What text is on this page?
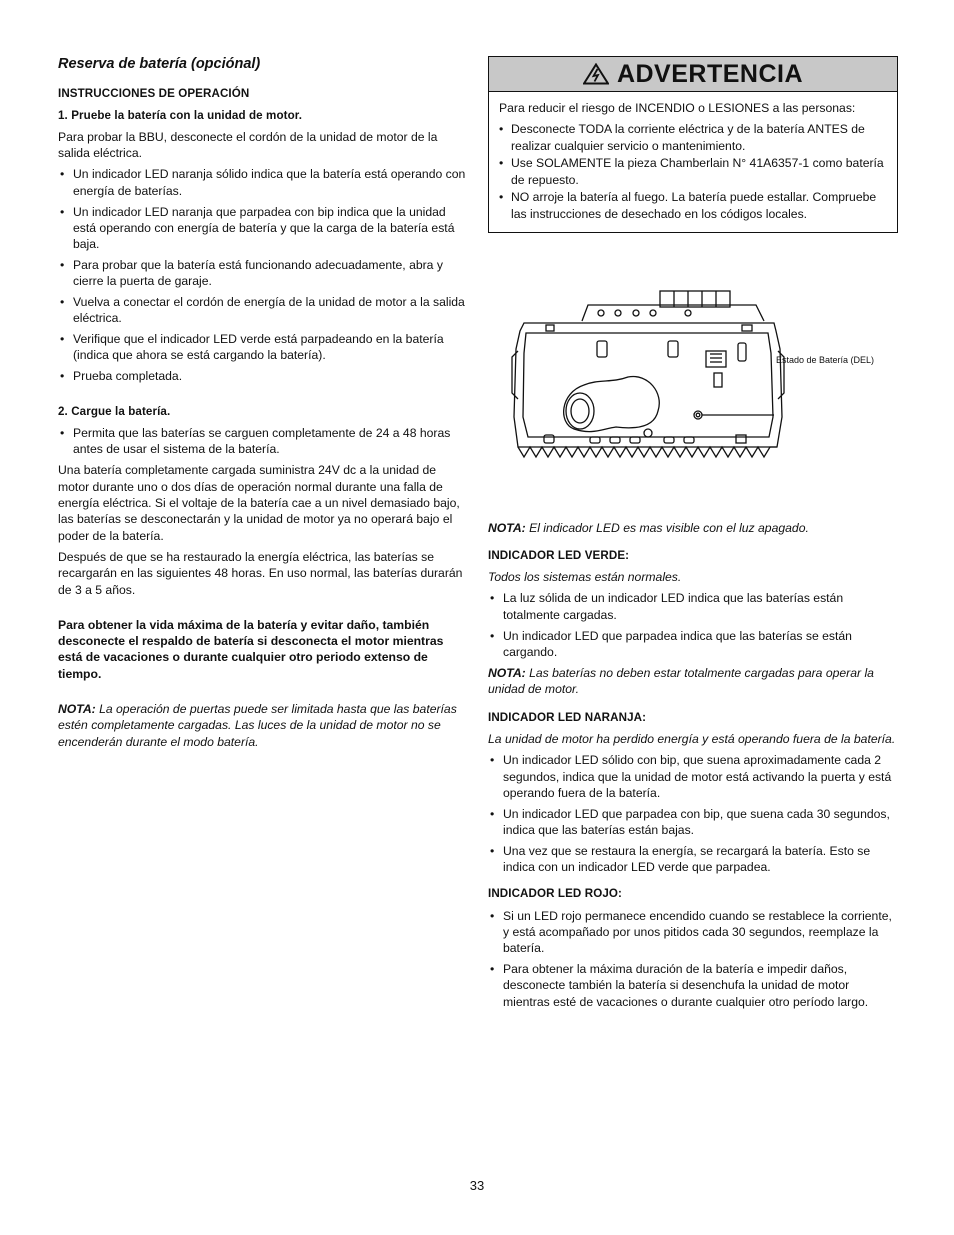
Reserva de batería (opciónal)
INSTRUCCIONES DE OPERACIÓN
1. Pruebe la batería con la unidad de motor.

Para probar la BBU, desconecte el cordón de la unidad de motor de la salida eléctrica.

• Un indicador LED naranja sólido indica que la batería está operando con energía de baterías.
• Un indicador LED naranja que parpadea con bip indica que la unidad está operando con energía de batería y que la carga de la batería está baja.
• Para probar que la batería está funcionando adecuadamente, abra y cierre la puerta de garaje.
• Vuelva a conectar el cordón de energía de la unidad de motor a la salida eléctrica.
• Verifique que el indicador LED verde está parpadeando en la batería (indica que ahora se está cargando la batería).
• Prueba completada.
2. Cargue la batería.
• Permita que las baterías se carguen completamente de 24 a 48 horas antes de usar el sistema de la batería.

Una batería completamente cargada suministra 24V dc a la unidad de motor durante uno o dos días de operación normal durante una falla de energía eléctrica. Si el voltaje de la batería cae a un nivel demasiado bajo, las baterías se desconectarán y la unidad de motor ya no operará bajo el poder de la batería.

Después de que se ha restaurado la energía eléctrica, las baterías se recargarán en las siguientes 48 horas. En uso normal, las baterías durarán de 3 a 5 años.

Para obtener la vida máxima de la batería y evitar daño, también desconecte el respaldo de batería si desconecta el motor mientras está de vacaciones o durante cualquier otro periodo extenso de tiempo.

NOTA: La operación de puertas puede ser limitada hasta que las baterías estén completamente cargadas. Las luces de la unidad de motor no se encenderán durante el modo batería.

ADVERTENCIA

Para reducir el riesgo de INCENDIO o LESIONES a las personas:

• Desconecte TODA la corriente eléctrica y de la batería ANTES de realizar cualquier servicio o mantenimiento.
• Use SOLAMENTE la pieza Chamberlain N° 41A6357-1 como batería de repuesto.
• NO arroje la batería al fuego. La batería puede estallar. Compruebe las instrucciones de desechado en los códigos locales.
Estado de Batería (DEL)

NOTA: El indicador LED es mas visible con el luz apagado.

INDICADOR LED VERDE:

Todos los sistemas están normales.

• La luz sólida de un indicador LED indica que las baterías están totalmente cargadas.
• Un indicador LED que parpadea indica que las baterías se están cargando.

NOTA: Las baterías no deben estar totalmente cargadas para operar la unidad de motor.

INDICADOR LED NARANJA:

La unidad de motor ha perdido energía y está operando fuera de la batería.

• Un indicador LED sólido con bip, que suena aproximadamente cada 2 segundos, indica que la unidad de motor está activando la puerta y está operando fuera de la batería.
• Un indicador LED que parpadea con bip, que suena cada 30 segundos, indica que las baterías están bajas.
• Una vez que se restaura la energía, se recargará la batería. Esto se indica con un indicador LED verde que parpadea.
INDICADOR LED ROJO:
• Si un LED rojo permanece encendido cuando se restablece la corriente, y está acompañado por unos pitidos cada 30 segundos, reemplaze la batería.
• Para obtener la máxima duración de la batería e impedir daños, desconecte también la batería si desenchufa la unidad de motor mientras esté de vacaciones o durante cualquier otro período largo.
33
